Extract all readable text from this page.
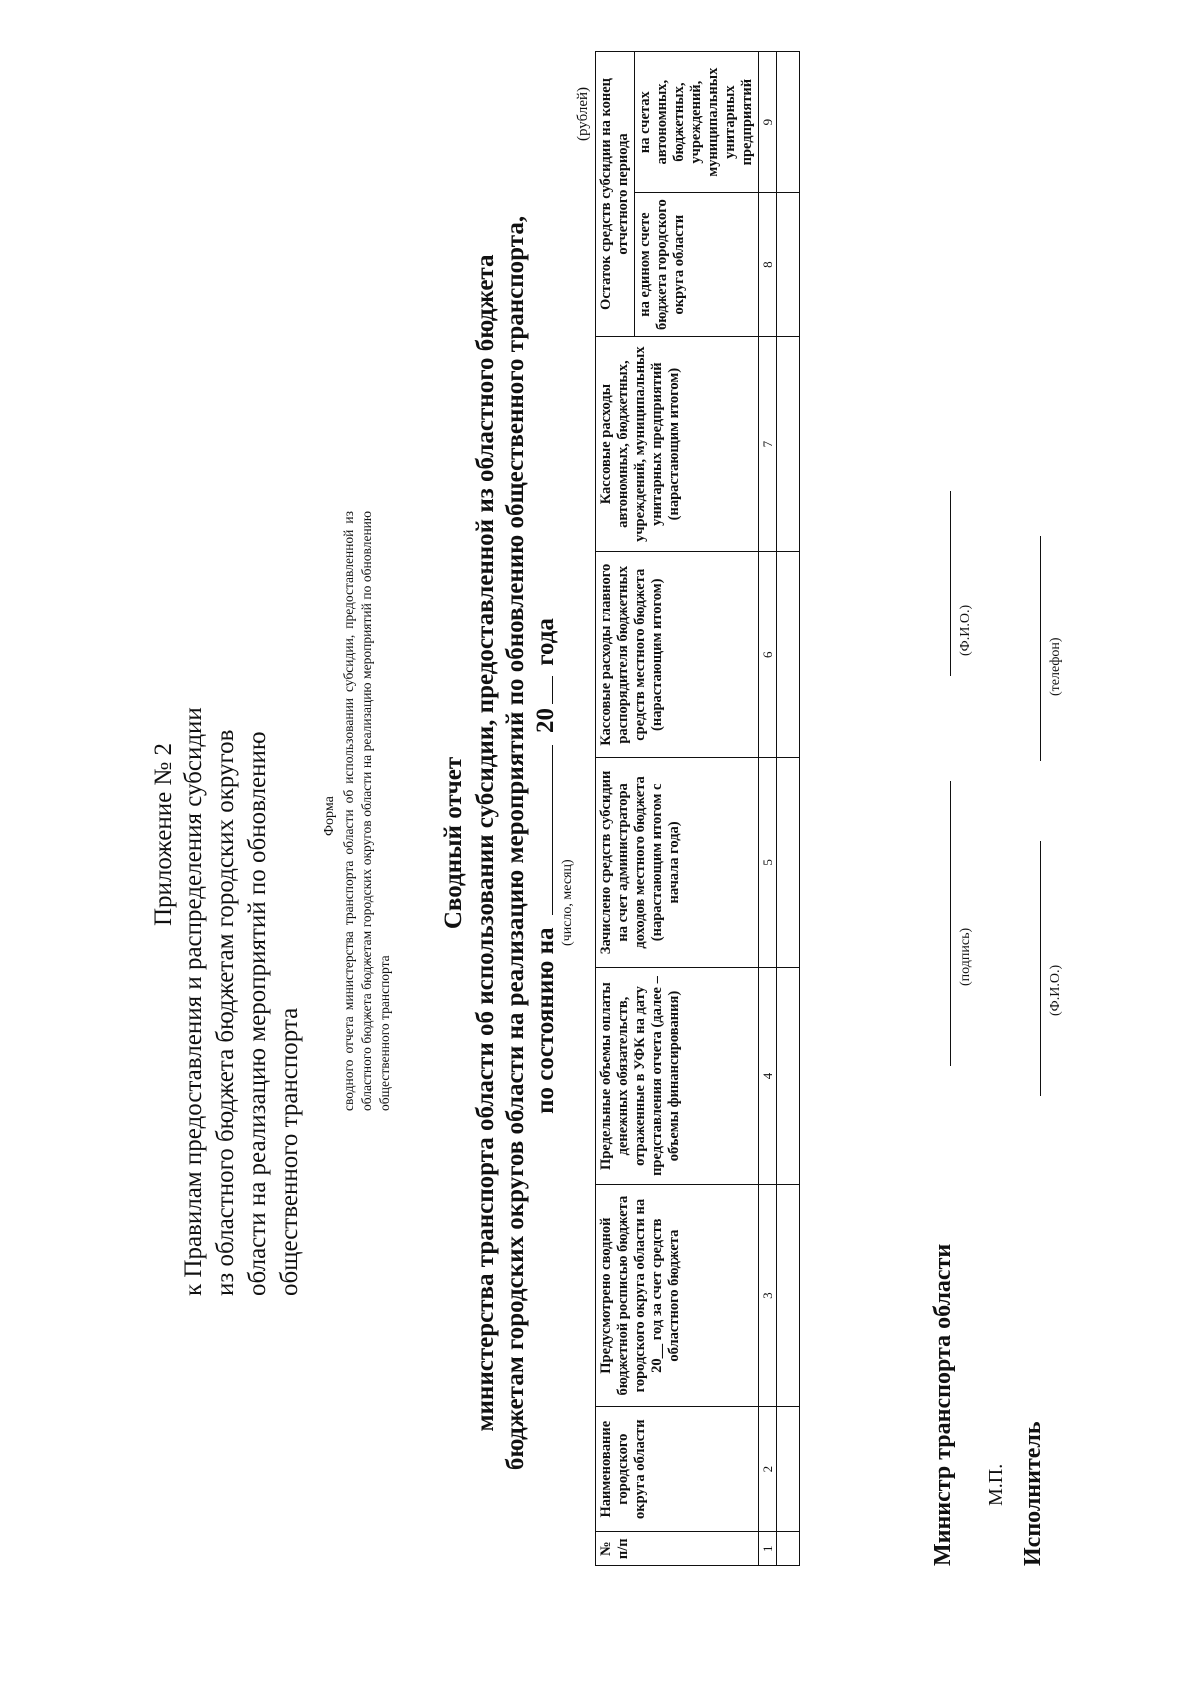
Приложение № 2 к Правилам предоставления и распределения субсидии из областного бюджета бюджетам городских округов области на реализацию мероприятий по обновлению общественного транспорта
Форма сводного отчета министерства транспорта области об использовании субсидии, предоставленной из областного бюджета бюджетам городских округов области на реализацию мероприятий по обновлению общественного транспорта
Сводный отчет министерства транспорта области об использовании субсидии, предоставленной из областного бюджета бюджетам городских округов области на реализацию мероприятий по обновлению общественного транспорта, по состоянию на  20 года
(число, месяц)
(рублей)
№ п/п	Наименование городского округа области	Предусмотрено сводной бюджетной росписью бюджета городского округа области на 20__ год за счет средств областного бюджета	Предельные объемы оплаты денежных обязательств, отраженные в УФК на дату представления отчета (далее – объемы финансирования)	Зачислено средств субсидии на счет администратора доходов местного бюджета (нарастающим итогом с начала года)	Кассовые расходы главного распорядителя бюджетных средств местного бюджета (нарастающим итогом)	Кассовые расходы автономных, бюджетных, учреждений, муниципальных унитарных предприятий (нарастающим итогом)	Остаток средств субсидии на конец отчетного периода	
							на едином счете бюджета городского округа области	на счетах автономных, бюджетных, учреждений, муниципальных унитарных предприятий
1	2	3	4	5	6	7	8	9

Министр транспорта области
(подпись)
(Ф.И.О.)
М.П. Исполнитель
(Ф.И.О.)
(телефон)
